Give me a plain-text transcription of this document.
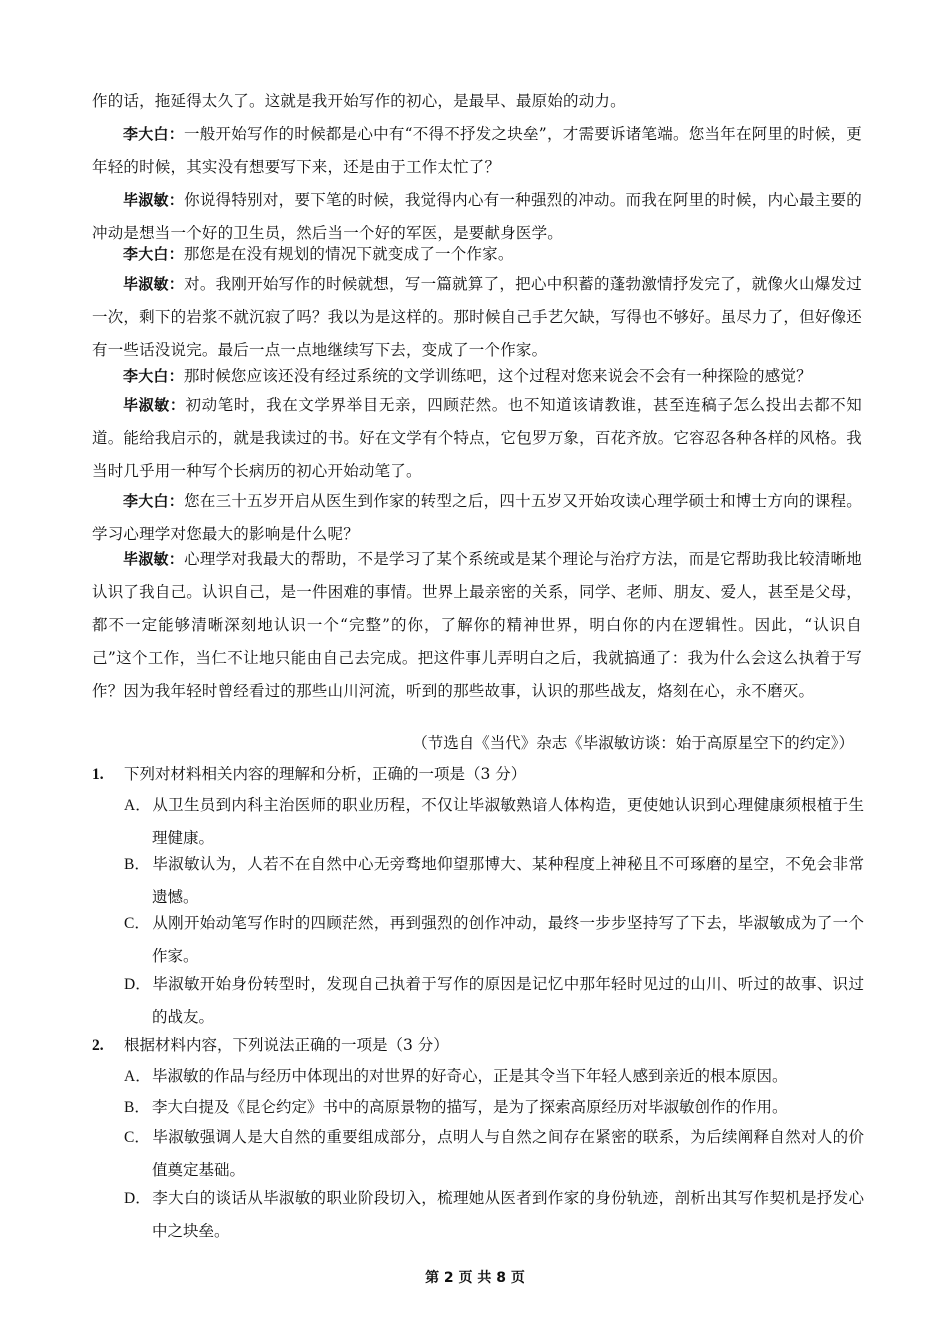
作的话，拖延得太久了。这就是我开始写作的初心，是最早、最原始的动力。
李大白：一般开始写作的时候都是心中有“不得不抒发之块垒”，才需要诉诸笔端。您当年在阿里的时候，更年轻的时候，其实没有想要写下来，还是由于工作太忙了？
毕淑敏：你说得特别对，要下笔的时候，我觉得内心有一种强烈的冲动。而我在阿里的时候，内心最主要的冲动是想当一个好的卫生员，然后当一个好的军医，是要献身医学。
李大白：那您是在没有规划的情况下就变成了一个作家。
毕淑敏：对。我刚开始写作的时候就想，写一篇就算了，把心中积蓄的蓬勃激情抒发完了，就像火山爆发过一次，剩下的岩浆不就沉寂了吗？我以为是这样的。那时候自己手艺欠缺，写得也不够好。虽尽力了，但好像还有一些话没说完。最后一点一点地继续写下去，变成了一个作家。
李大白：那时候您应该还没有经过系统的文学训练吧，这个过程对您来说会不会有一种探险的感觉？
毕淑敏：初动笔时，我在文学界举目无亲，四顾茫然。也不知道该请教谁，甚至连稿子怎么投出去都不知道。能给我启示的，就是我读过的书。好在文学有个特点，它包罗万象，百花齐放。它容忍各种各样的风格。我当时几乎用一种写个长病历的初心开始动笔了。
李大白：您在三十五岁开启从医生到作家的转型之后，四十五岁又开始攻读心理学硕士和博士方向的课程。学习心理学对您最大的影响是什么呢？
毕淑敏：心理学对我最大的帮助，不是学习了某个系统或是某个理论与治疗方法，而是它帮助我比较清晰地认识了我自己。认识自己，是一件困难的事情。世界上最亲密的关系，同学、老师、朋友、爱人，甚至是父母，都不一定能够清晰深刻地认识一个“完整”的你，了解你的精神世界，明白你的内在逻辑性。因此，“认识自己”这个工作，当仁不让地只能由自己去完成。把这件事儿弄明白之后，我就搞通了：我为什么会这么执着于写作？因为我年轻时曾经看过的那些山川河流，听到的那些故事，认识的那些战友，烙刻在心，永不磨灭。
（节选自《当代》杂志《毕淑敏访谈：始于高原星空下的约定》）
1. 下列对材料相关内容的理解和分析，正确的一项是（3 分）
A．从卫生员到内科主治医师的职业历程，不仅让毕淑敏熟谙人体构造，更使她认识到心理健康须根植于生理健康。
B． 毕淑敏认为，人若不在自然中心无旁骛地仰望那博大、某种程度上神秘且不可琢磨的星空，不免会非常遗憾。
C． 从刚开始动笔写作时的四顾茫然，再到强烈的创作冲动，最终一步步坚持写了下去，毕淑敏成为了一个作家。
D．毕淑敏开始身份转型时，发现自己执着于写作的原因是记忆中那年轻时见过的山川、听过的故事、识过的战友。
2. 根据材料内容，下列说法正确的一项是（3 分）
A．毕淑敏的作品与经历中体现出的对世界的好奇心，正是其令当下年轻人感到亲近的根本原因。
B． 李大白提及《昆仑约定》书中的高原景物的描写，是为了探索高原经历对毕淑敏创作的作用。
C． 毕淑敏强调人是大自然的重要组成部分，点明人与自然之间存在紧密的联系，为后续阐释自然对人的价值奠定基础。
D．李大白的谈话从毕淑敏的职业阶段切入，梳理她从医者到作家的身份轨迹，剖析出其写作契机是抒发心中之块垒。
第 2 页 共 8 页
